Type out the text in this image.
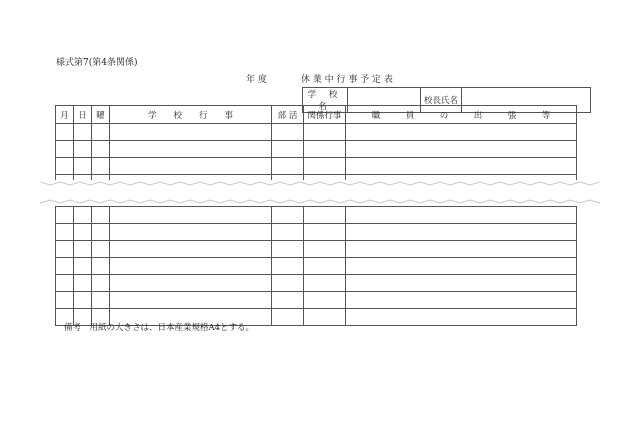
様式第7(第4条関係)
年 度	休 業 中 行 事 予 定 表
学 校 名		校長氏名	
月	日	曜	学　　校　　行　　事	部 活	関係行事	職　　　員　　　の　　　出　　　張　　　等

備考　用紙の大きさは、日本産業規格A4とする。
